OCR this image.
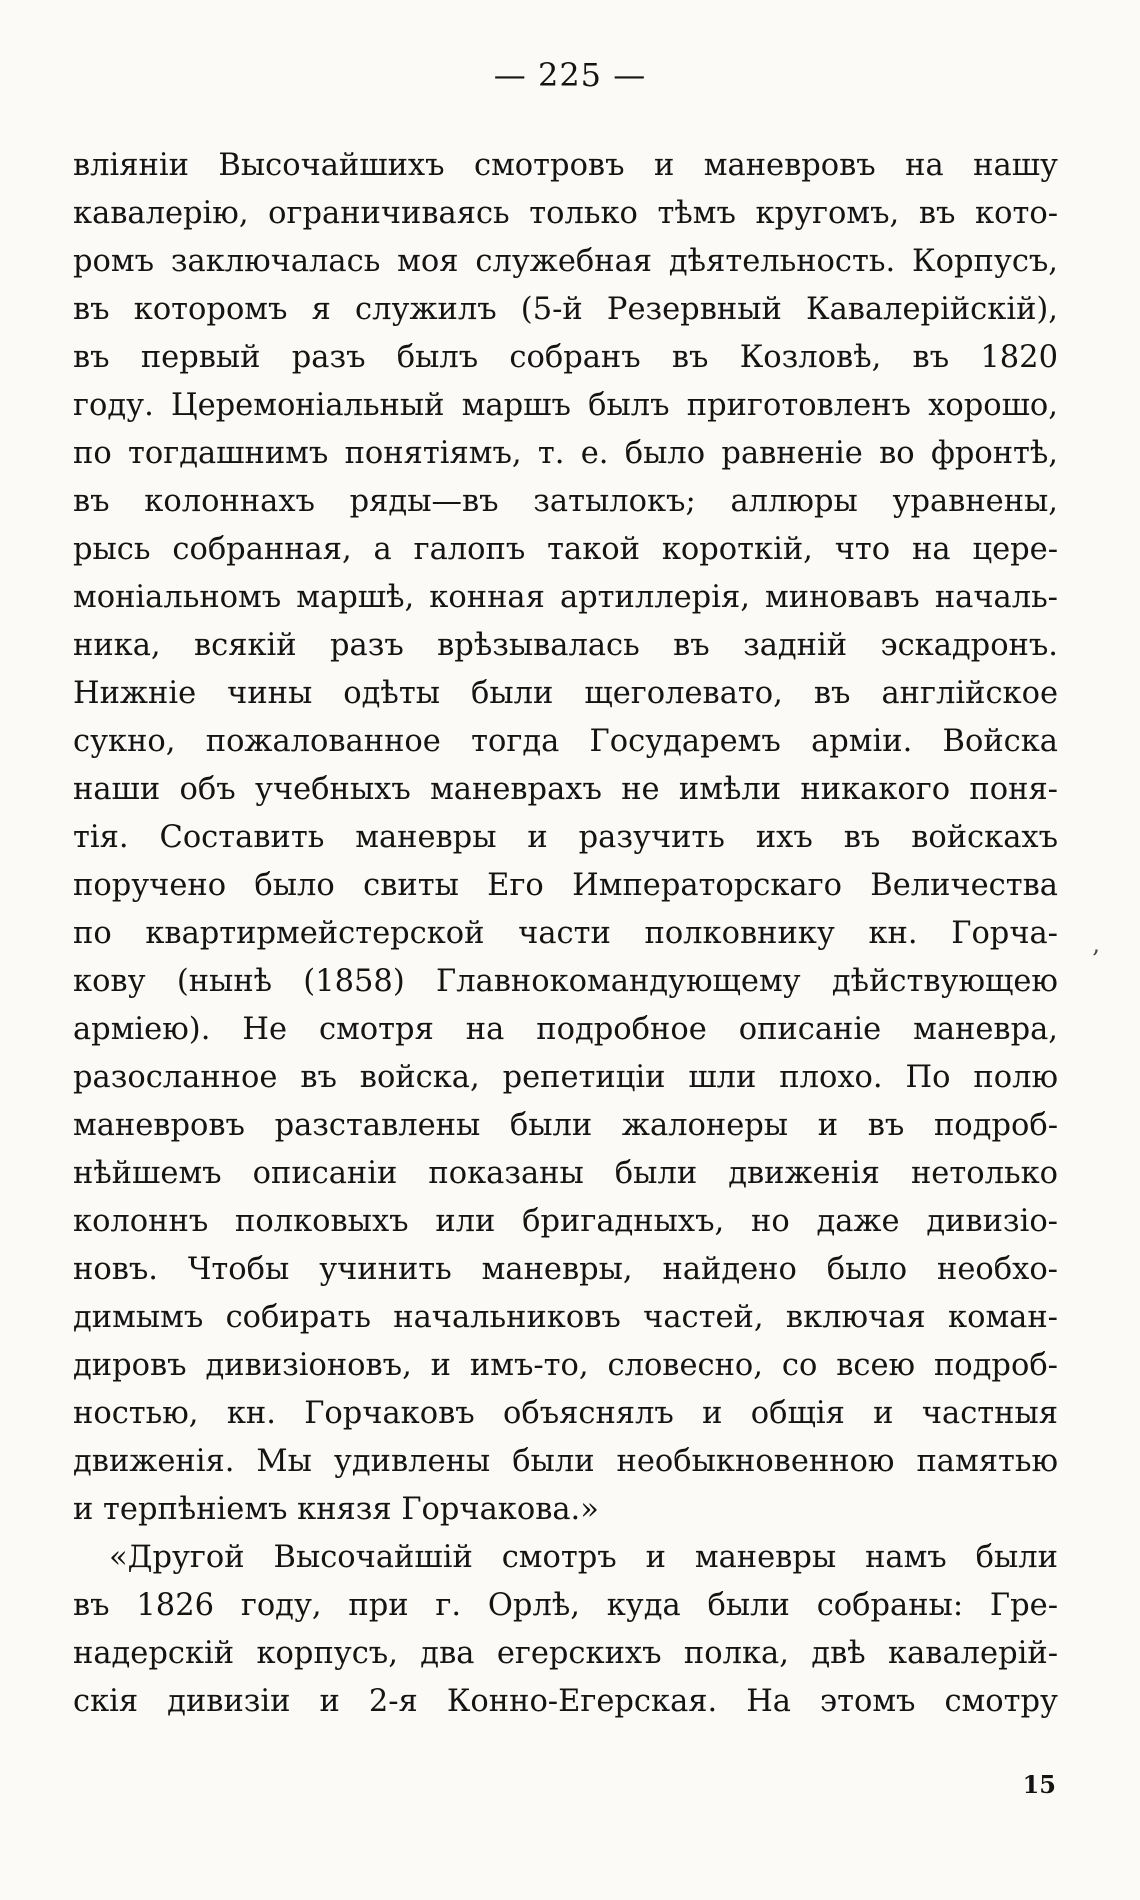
— 225 —
вліяніи Высочайшихъ смотровъ и маневровъ на нашу
кавалерію, ограничиваясь только тѣмъ кругомъ, въ кото-
ромъ заключалась моя служебная дѣятельность. Корпусъ,
въ которомъ я служилъ (5-й Резервный Кавалерійскій),
въ первый разъ былъ собранъ въ Козловѣ, въ 1820
году. Церемоніальный маршъ былъ приготовленъ хорошо,
по тогдашнимъ понятіямъ, т. е. было равненіе во фронтѣ,
въ колоннахъ ряды—въ затылокъ; аллюры уравнены,
рысь собранная, а галопъ такой короткій, что на цере-
моніальномъ маршѣ, конная артиллерія, миновавъ началь-
ника, всякій разъ врѣзывалась въ задній эскадронъ.
Нижніе чины одѣты были щеголевато, въ англійское
сукно, пожалованное тогда Государемъ арміи. Войска
наши объ учебныхъ маневрахъ не имѣли никакого поня-
тія. Составить маневры и разучить ихъ въ войскахъ
поручено было свиты Его Императорскаго Величества
по квартирмейстерской части полковнику кн. Горча-
кову (нынѣ (1858) Главнокомандующему дѣйствующею
арміею). Не смотря на подробное описаніе маневра,
разосланное въ войска, репетиціи шли плохо. По полю
маневровъ разставлены были жалонеры и въ подроб-
нѣйшемъ описаніи показаны были движенія нетолько
колоннъ полковыхъ или бригадныхъ, но даже дивизіо-
новъ. Чтобы учинить маневры, найдено было необхо-
димымъ собирать начальниковъ частей, включая коман-
дировъ дивизіоновъ, и имъ-то, словесно, со всею подроб-
ностью, кн. Горчаковъ объяснялъ и общія и частныя
движенія. Мы удивлены были необыкновенною памятью
и терпѣніемъ князя Горчакова.»
«Другой Высочайшій смотръ и маневры намъ были
въ 1826 году, при г. Орлѣ, куда были собраны: Гре-
надерскій корпусъ, два егерскихъ полка, двѣ кавалерій-
скія дивизіи и 2-я Конно-Егерская. На этомъ смотру
15
,
